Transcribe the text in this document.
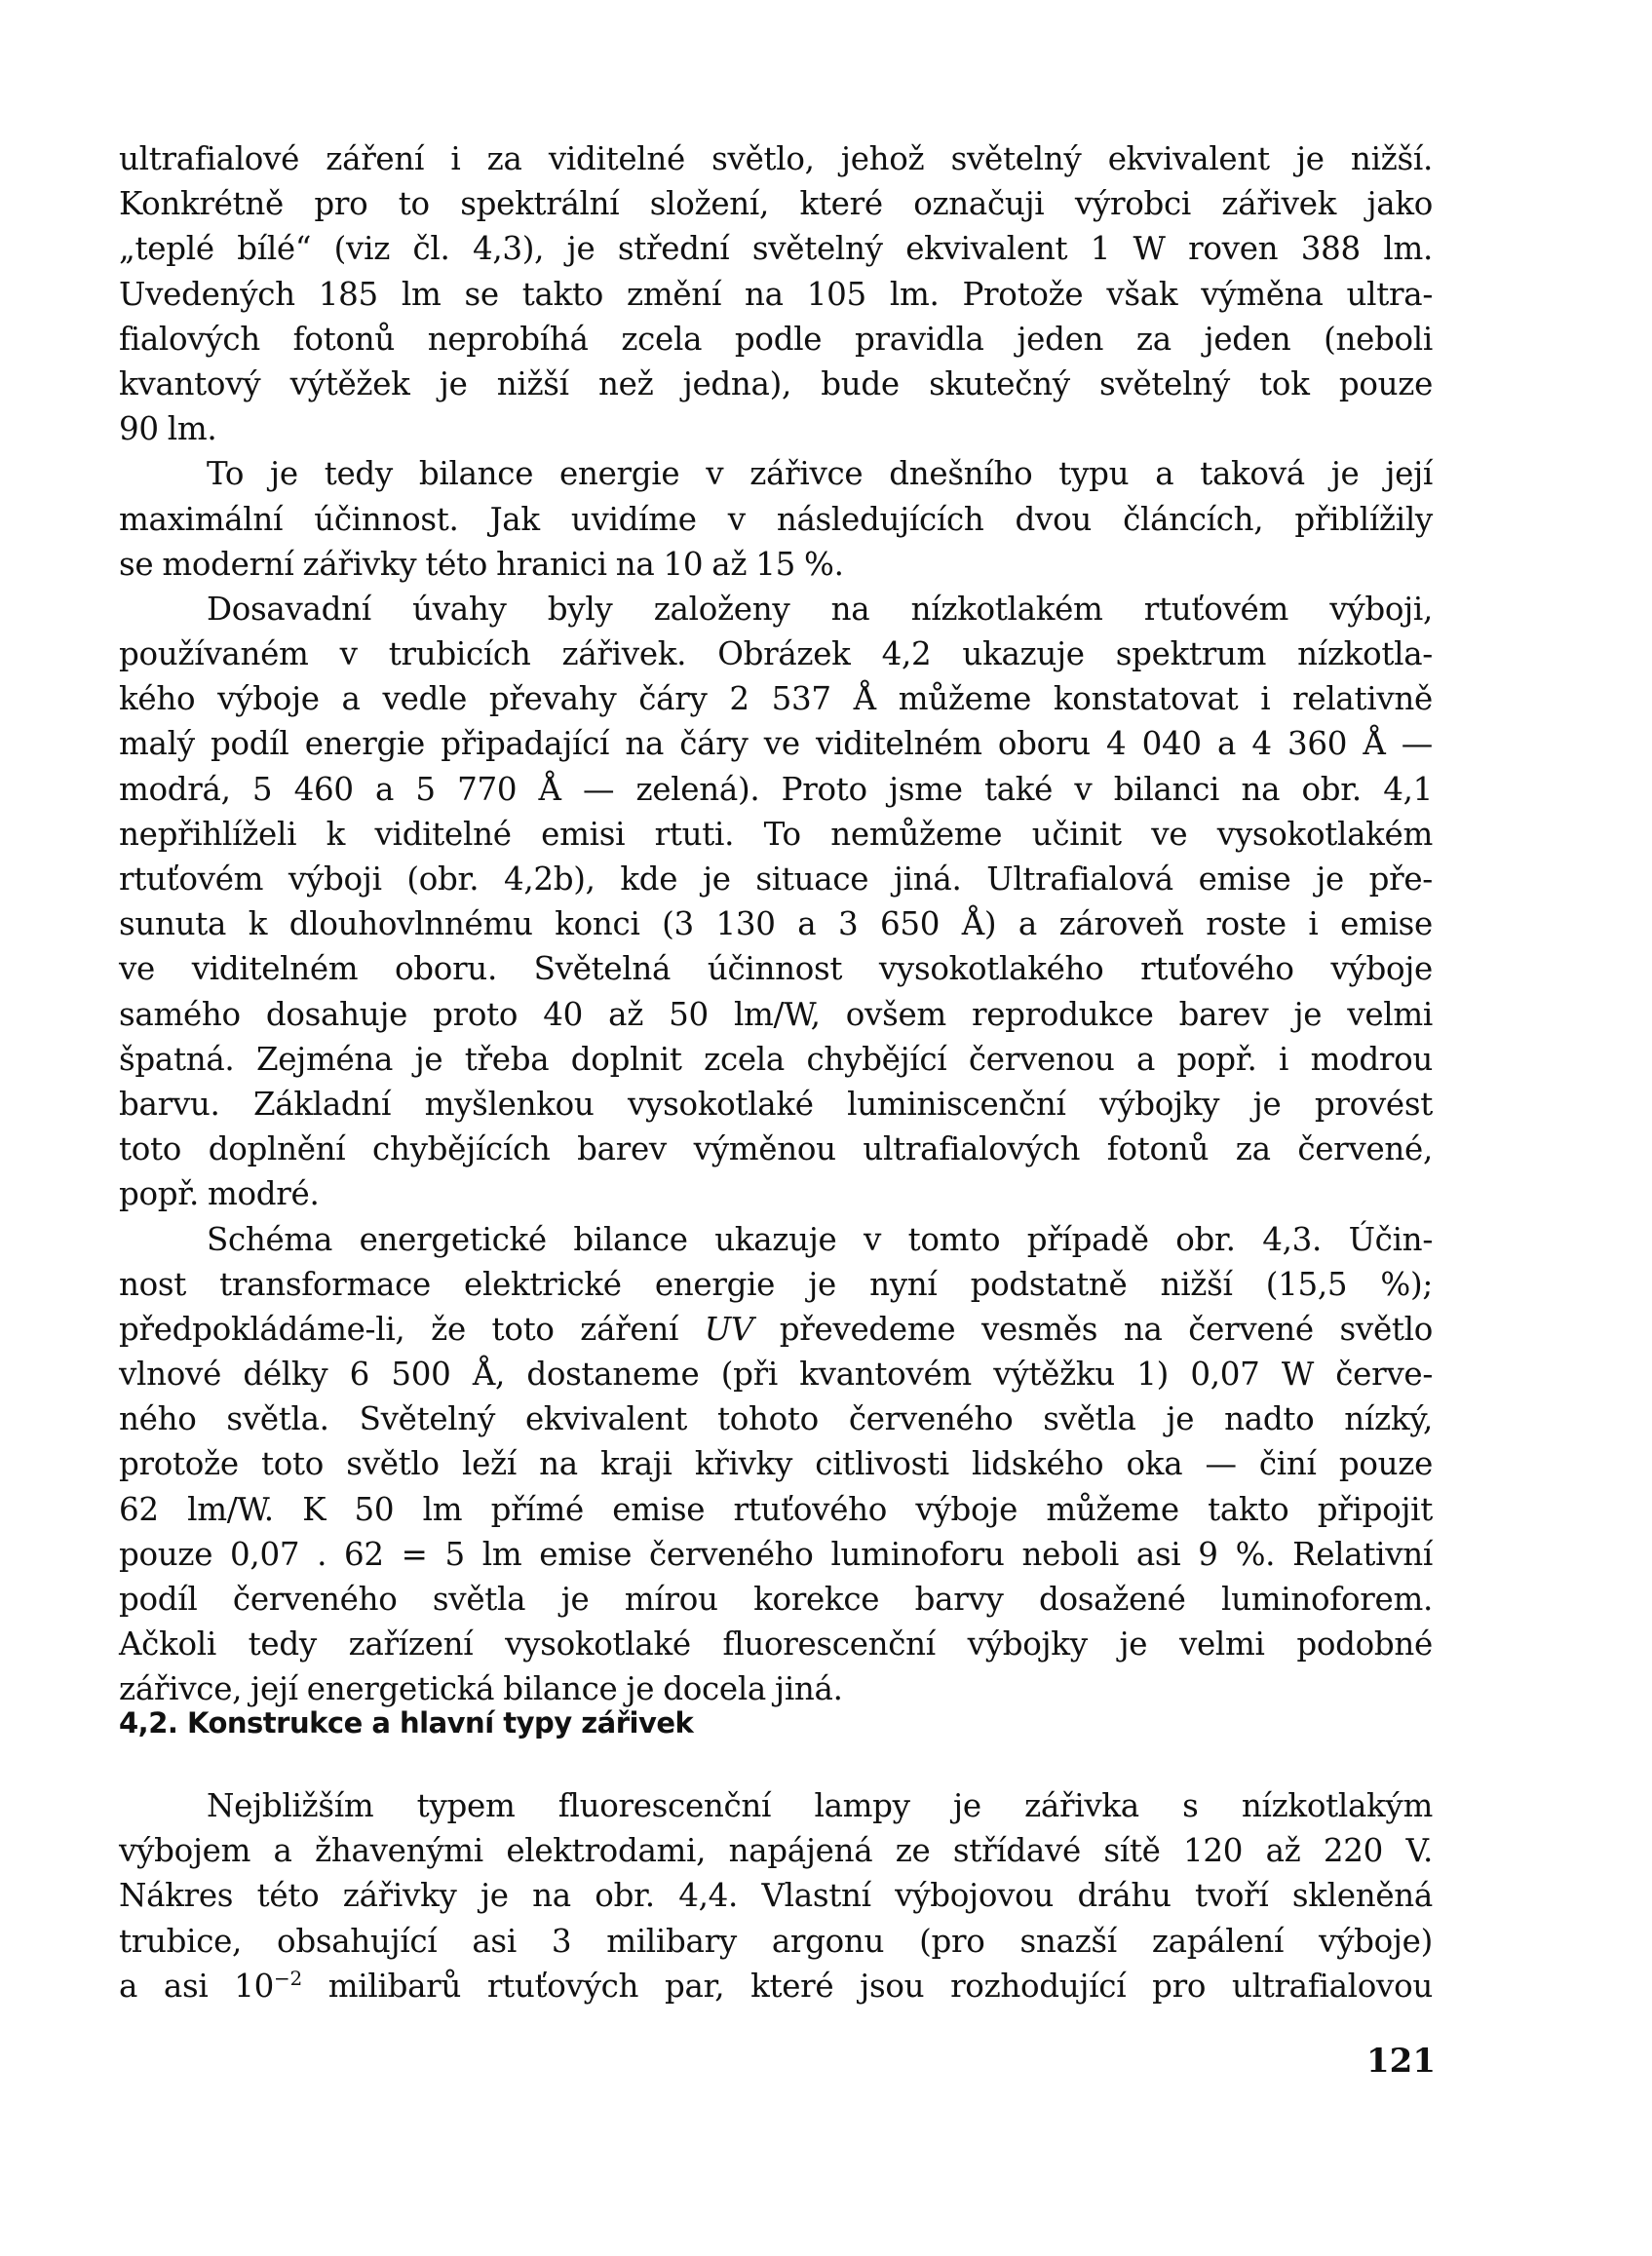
ultrafialové záření i za viditelné světlo, jehož světelný ekvivalent je nižší.
Konkrétně pro to spektrální složení, které označuji výrobci zářivek jako
„teplé bílé“ (viz čl. 4,3), je střední světelný ekvivalent 1 W roven 388 lm.
Uvedených 185 lm se takto změní na 105 lm. Protože však výměna ultra-
fialových fotonů neprobíhá zcela podle pravidla jeden za jeden (neboli
kvantový výtěžek je nižší než jedna), bude skutečný světelný tok pouze
90 lm.
To je tedy bilance energie v zářivce dnešního typu a taková je její
maximální účinnost. Jak uvidíme v následujících dvou článcích, přiblížily
se moderní zářivky této hranici na 10 až 15 %.
Dosavadní úvahy byly založeny na nízkotlakém rtuťovém výboji,
používaném v trubicích zářivek. Obrázek 4,2 ukazuje spektrum nízkotla-
kého výboje a vedle převahy čáry 2 537 Å můžeme konstatovat i relativně
malý podíl energie připadající na čáry ve viditelném oboru 4 040 a 4 360 Å —
modrá, 5 460 a 5 770 Å — zelená). Proto jsme také v bilanci na obr. 4,1
nepřihlíželi k viditelné emisi rtuti. To nemůžeme učinit ve vysokotlakém
rtuťovém výboji (obr. 4,2b), kde je situace jiná. Ultrafialová emise je pře-
sunuta k dlouhovlnnému konci (3 130 a 3 650 Å) a zároveň roste i emise
ve viditelném oboru. Světelná účinnost vysokotlakého rtuťového výboje
samého dosahuje proto 40 až 50 lm/W, ovšem reprodukce barev je velmi
špatná. Zejména je třeba doplnit zcela chybějící červenou a popř. i modrou
barvu. Základní myšlenkou vysokotlaké luminiscenční výbojky je provést
toto doplnění chybějících barev výměnou ultrafialových fotonů za červené,
popř. modré.
Schéma energetické bilance ukazuje v tomto případě obr. 4,3. Účin-
nost transformace elektrické energie je nyní podstatně nižší (15,5 %);
předpokládáme-li, že toto záření UV převedeme vesměs na červené světlo
vlnové délky 6 500 Å, dostaneme (při kvantovém výtěžku 1) 0,07 W červe-
ného světla. Světelný ekvivalent tohoto červeného světla je nadto nízký,
protože toto světlo leží na kraji křivky citlivosti lidského oka — činí pouze
62 lm/W. K 50 lm přímé emise rtuťového výboje můžeme takto připojit
pouze 0,07 . 62 = 5 lm emise červeného luminoforu neboli asi 9 %. Relativní
podíl červeného světla je mírou korekce barvy dosažené luminoforem.
Ačkoli tedy zařízení vysokotlaké fluorescenční výbojky je velmi podobné
zářivce, její energetická bilance je docela jiná.
4,2. Konstrukce a hlavní typy zářivek
Nejbližším typem fluorescenční lampy je zářivka s nízkotlakým
výbojem a žhavenými elektrodami, napájená ze střídavé sítě 120 až 220 V.
Nákres této zářivky je na obr. 4,4. Vlastní výbojovou dráhu tvoří skleněná
trubice, obsahující asi 3 milibary argonu (pro snazší zapálení výboje)
a asi $10^{-2}$ milibarů rtuťových par, které jsou rozhodující pro ultrafialovou
121
